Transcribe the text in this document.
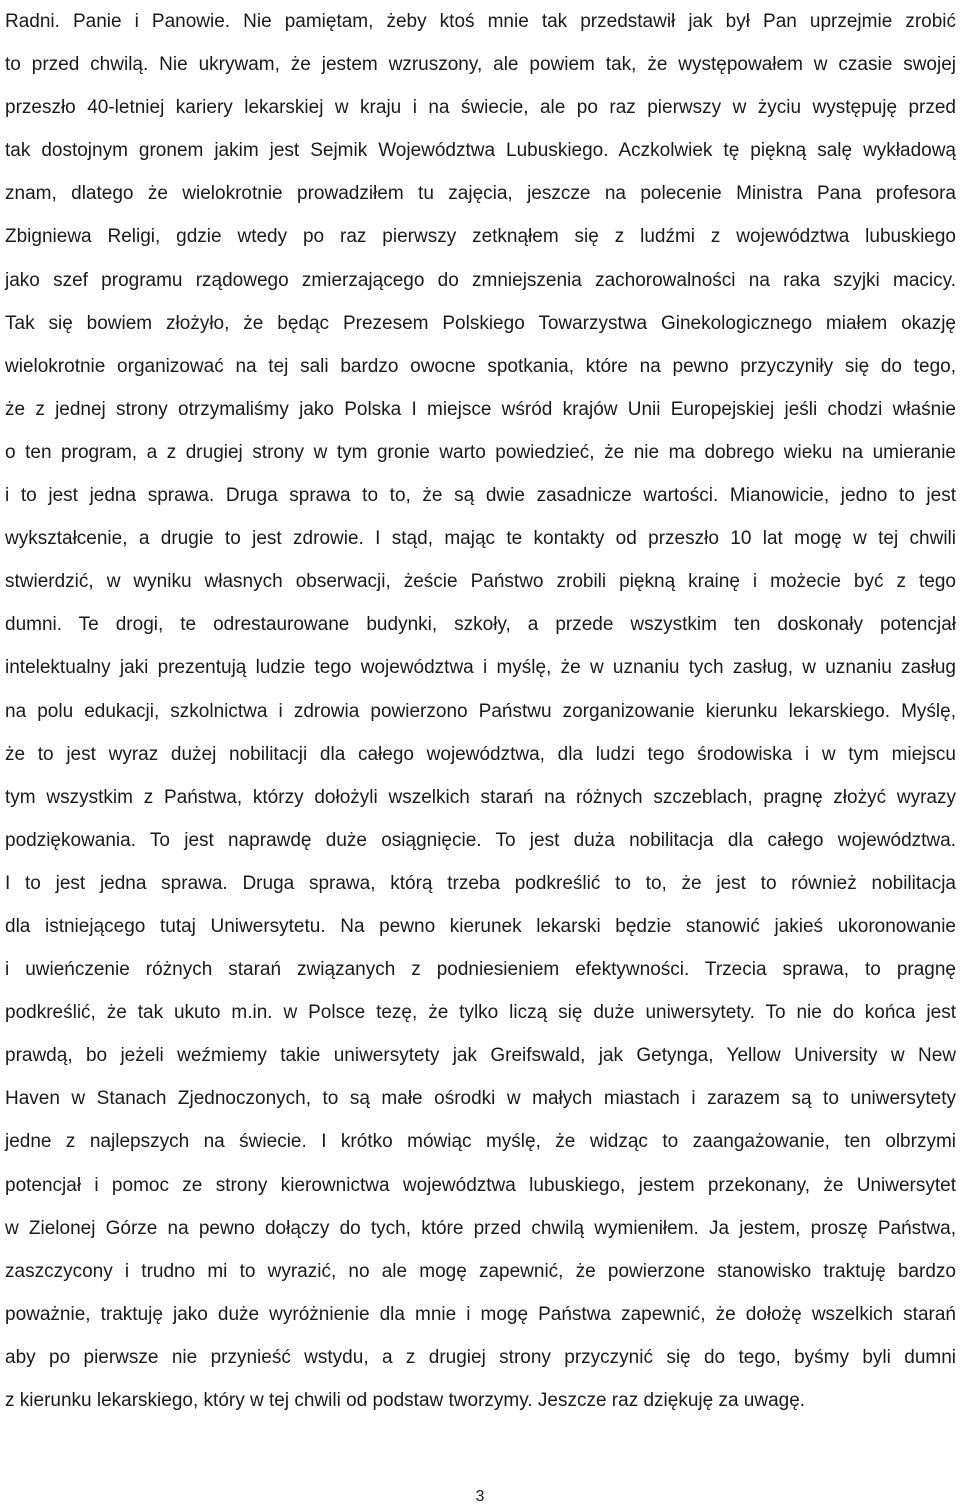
Radni. Panie i Panowie. Nie pamiętam, żeby ktoś mnie tak przedstawił jak był Pan uprzejmie zrobić
to przed chwilą. Nie ukrywam, że jestem wzruszony, ale powiem tak, że występowałem w czasie swojej
przeszło 40-letniej kariery lekarskiej w kraju i na świecie, ale po raz pierwszy w życiu występuję przed
tak dostojnym gronem jakim jest Sejmik Województwa Lubuskiego. Aczkolwiek tę piękną salę wykładową
znam, dlatego że wielokrotnie prowadziłem tu zajęcia, jeszcze na polecenie Ministra Pana profesora
Zbigniewa Religi, gdzie wtedy po raz pierwszy zetknąłem się z ludźmi z województwa lubuskiego
jako szef programu rządowego zmierzającego do zmniejszenia zachorowalności na raka szyjki macicy.
Tak się bowiem złożyło, że będąc Prezesem Polskiego Towarzystwa Ginekologicznego miałem okazję
wielokrotnie organizować na tej sali bardzo owocne spotkania, które na pewno przyczyniły się do tego,
że z jednej strony otrzymaliśmy jako Polska I miejsce wśród krajów Unii Europejskiej jeśli chodzi właśnie
o ten program, a z drugiej strony w tym gronie warto powiedzieć, że nie ma dobrego wieku na umieranie
i to jest jedna sprawa. Druga sprawa to to, że są dwie zasadnicze wartości. Mianowicie, jedno to jest
wykształcenie, a drugie to jest zdrowie. I stąd, mając te kontakty od przeszło 10 lat mogę w tej chwili
stwierdzić, w wyniku własnych obserwacji, żeście Państwo zrobili piękną krainę i możecie być z tego
dumni. Te drogi, te odrestaurowane budynki, szkoły, a przede wszystkim ten doskonały potencjał
intelektualny jaki prezentują ludzie tego województwa i myślę, że w uznaniu tych zasług, w uznaniu zasług
na polu edukacji, szkolnictwa i zdrowia powierzono Państwu zorganizowanie kierunku lekarskiego. Myślę,
że to jest wyraz dużej nobilitacji dla całego województwa, dla ludzi tego środowiska i w tym miejscu
tym wszystkim z Państwa, którzy dołożyli wszelkich starań na różnych szczeblach, pragnę złożyć wyrazy
podziękowania. To jest naprawdę duże osiągnięcie. To jest duża nobilitacja dla całego województwa.
I to jest jedna sprawa. Druga sprawa, którą trzeba podkreślić to to, że jest to również nobilitacja
dla istniejącego tutaj Uniwersytetu. Na pewno kierunek lekarski będzie stanowić jakieś ukoronowanie
i uwieńczenie różnych starań związanych z podniesieniem efektywności. Trzecia sprawa, to pragnę
podkreślić, że tak ukuto m.in. w Polsce tezę, że tylko liczą się duże uniwersytety. To nie do końca jest
prawdą, bo jeżeli weźmiemy takie uniwersytety jak Greifswald, jak Getynga, Yellow University w New
Haven w Stanach Zjednoczonych, to są małe ośrodki w małych miastach i zarazem są to uniwersytety
jedne z najlepszych na świecie. I krótko mówiąc myślę, że widząc to zaangażowanie, ten olbrzymi
potencjał i pomoc ze strony kierownictwa województwa lubuskiego, jestem przekonany, że Uniwersytet
w Zielonej Górze na pewno dołączy do tych, które przed chwilą wymieniłem. Ja jestem, proszę Państwa,
zaszczycony i trudno mi to wyrazić, no ale mogę zapewnić, że powierzone stanowisko traktuję bardzo
poważnie, traktuję jako duże wyróżnienie dla mnie i mogę Państwa zapewnić, że dołożę wszelkich starań
aby po pierwsze nie przynieść wstydu, a z drugiej strony przyczynić się do tego, byśmy byli dumni
z kierunku lekarskiego, który w tej chwili od podstaw tworzymy. Jeszcze raz dziękuję za uwagę.
3
